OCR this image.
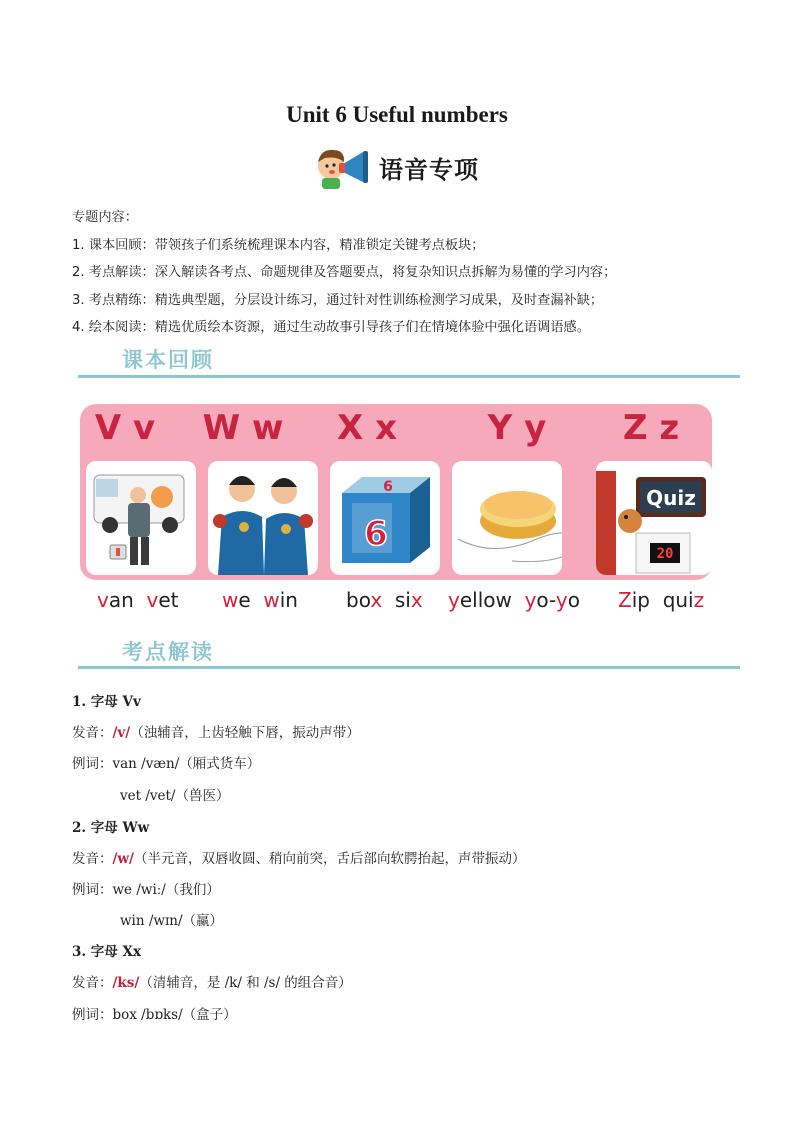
Unit 6 Useful numbers
语音专项
专题内容：
1. 课本回顾：带领孩子们系统梳理课本内容，精准锁定关键考点板块；
2. 考点解读：深入解读各考点、命题规律及答题要点，将复杂知识点拆解为易懂的学习内容；
3. 考点精练：精选典型题，分层设计练习，通过针对性训练检测学习成果，及时查漏补缺；
4. 绘本阅读：精选优质绘本资源，通过生动故事引导孩子们在情境体验中强化语调语感。
课本回顾
V v	W w	X x	Y y	Z z
6
6	Quiz
20
van vet we win box six yellow yo-yo Zip quiz
考点解读
1. 字母 Vv
发音：/v/（浊辅音，上齿轻触下唇，振动声带）
例词：van /væn/（厢式货车）
vet /vet/（兽医）
2. 字母 Ww
发音：/w/（半元音，双唇收圆、稍向前突，舌后部向软腭抬起，声带振动）
例词：we /wiː/（我们）
win /wɪn/（赢）
3. 字母 Xx
发音：/ks/（清辅音，是 /k/ 和 /s/ 的组合音）
例词：box /bɒks/（盒子）
